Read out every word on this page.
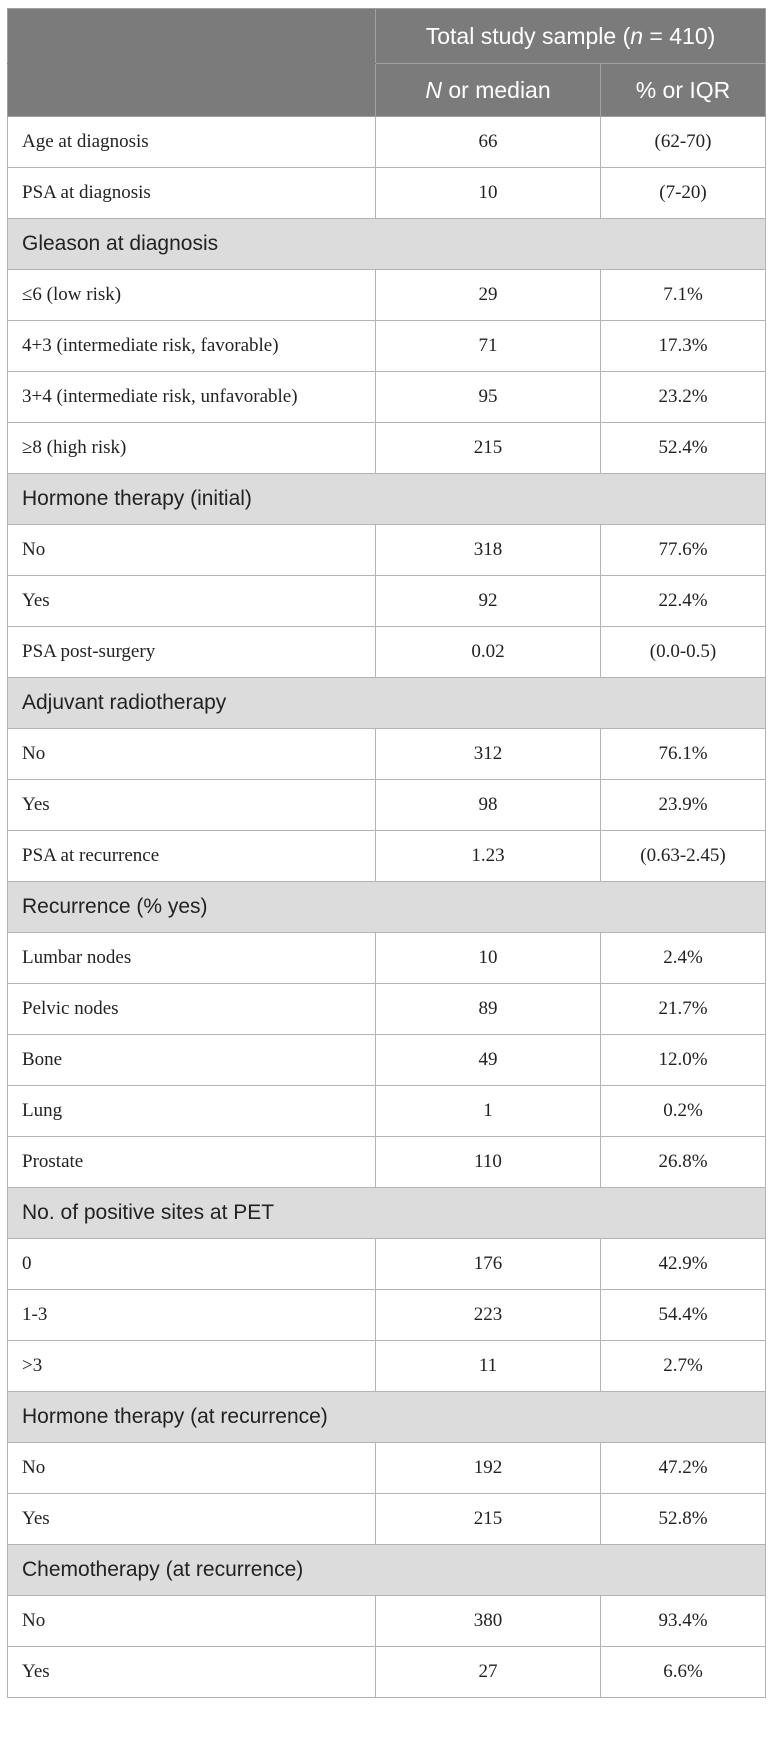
	Total study sample (n = 410)	
	N or median	% or IQR
Age at diagnosis	66	(62-70)
PSA at diagnosis	10	(7-20)
Gleason at diagnosis		
≤6 (low risk)	29	7.1%
4+3 (intermediate risk, favorable)	71	17.3%
3+4 (intermediate risk, unfavorable)	95	23.2%
≥8 (high risk)	215	52.4%
Hormone therapy (initial)		
No	318	77.6%
Yes	92	22.4%
PSA post-surgery	0.02	(0.0-0.5)
Adjuvant radiotherapy		
No	312	76.1%
Yes	98	23.9%
PSA at recurrence	1.23	(0.63-2.45)
Recurrence (% yes)		
Lumbar nodes	10	2.4%
Pelvic nodes	89	21.7%
Bone	49	12.0%
Lung	1	0.2%
Prostate	110	26.8%
No. of positive sites at PET		
0	176	42.9%
1-3	223	54.4%
>3	11	2.7%
Hormone therapy (at recurrence)		
No	192	47.2%
Yes	215	52.8%
Chemotherapy (at recurrence)		
No	380	93.4%
Yes	27	6.6%
